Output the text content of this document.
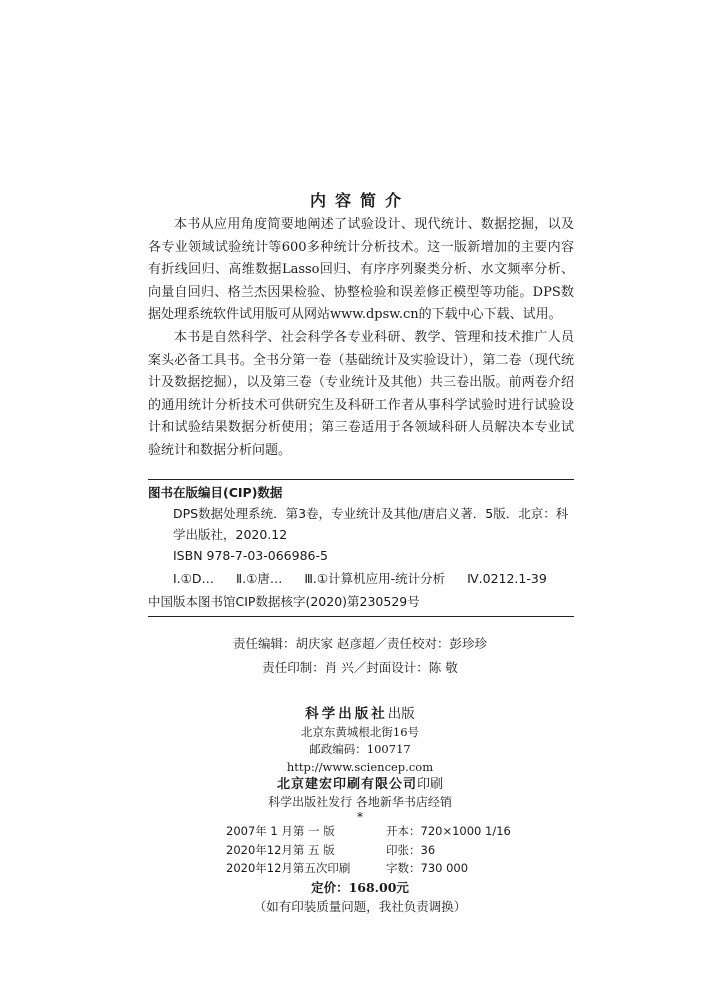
内容简介

本书从应用角度简要地阐述了试验设计、现代统计、数据挖掘，以及各专业领域试验统计等600多种统计分析技术。这一版新增加的主要内容有折线回归、高维数据Lasso回归、有序序列聚类分析、水文频率分析、向量自回归、格兰杰因果检验、协整检验和误差修正模型等功能。DPS数据处理系统软件试用版可从网站www.dpsw.cn的下载中心下载、试用。

本书是自然科学、社会科学各专业科研、教学、管理和技术推广人员案头必备工具书。全书分第一卷（基础统计及实验设计），第二卷（现代统计及数据挖掘），以及第三卷（专业统计及其他）共三卷出版。前两卷介绍的通用统计分析技术可供研究生及科研工作者从事科学试验时进行试验设计和试验结果数据分析使用；第三卷适用于各领域科研人员解决本专业试验统计和数据分析问题。

图书在版编目(CIP)数据
DPS数据处理系统．第3卷，专业统计及其他/唐启义著．5版．北京：科学出版社，2020.12
ISBN 978-7-03-066986-5
Ⅰ.①D… Ⅱ.①唐… Ⅲ.①计算机应用-统计分析 Ⅳ.0212.1-39
中国版本图书馆CIP数据核字(2020)第230529号
责任编辑：胡庆家 赵彦超／责任校对：彭珍珍
责任印制：肖 兴／封面设计：陈 敬
科学出版社出版
北京东黄城根北街16号
邮政编码：100717
http://www.sciencep.com
北京建宏印刷有限公司印刷
科学出版社发行 各地新华书店经销
*
2007年 1 月第 一 版	开本：720×1000 1/16
2020年12月第 五 版	印张：36
2020年12月第五次印刷	字数：730 000
定价：168.00元
（如有印装质量问题，我社负责调换）
